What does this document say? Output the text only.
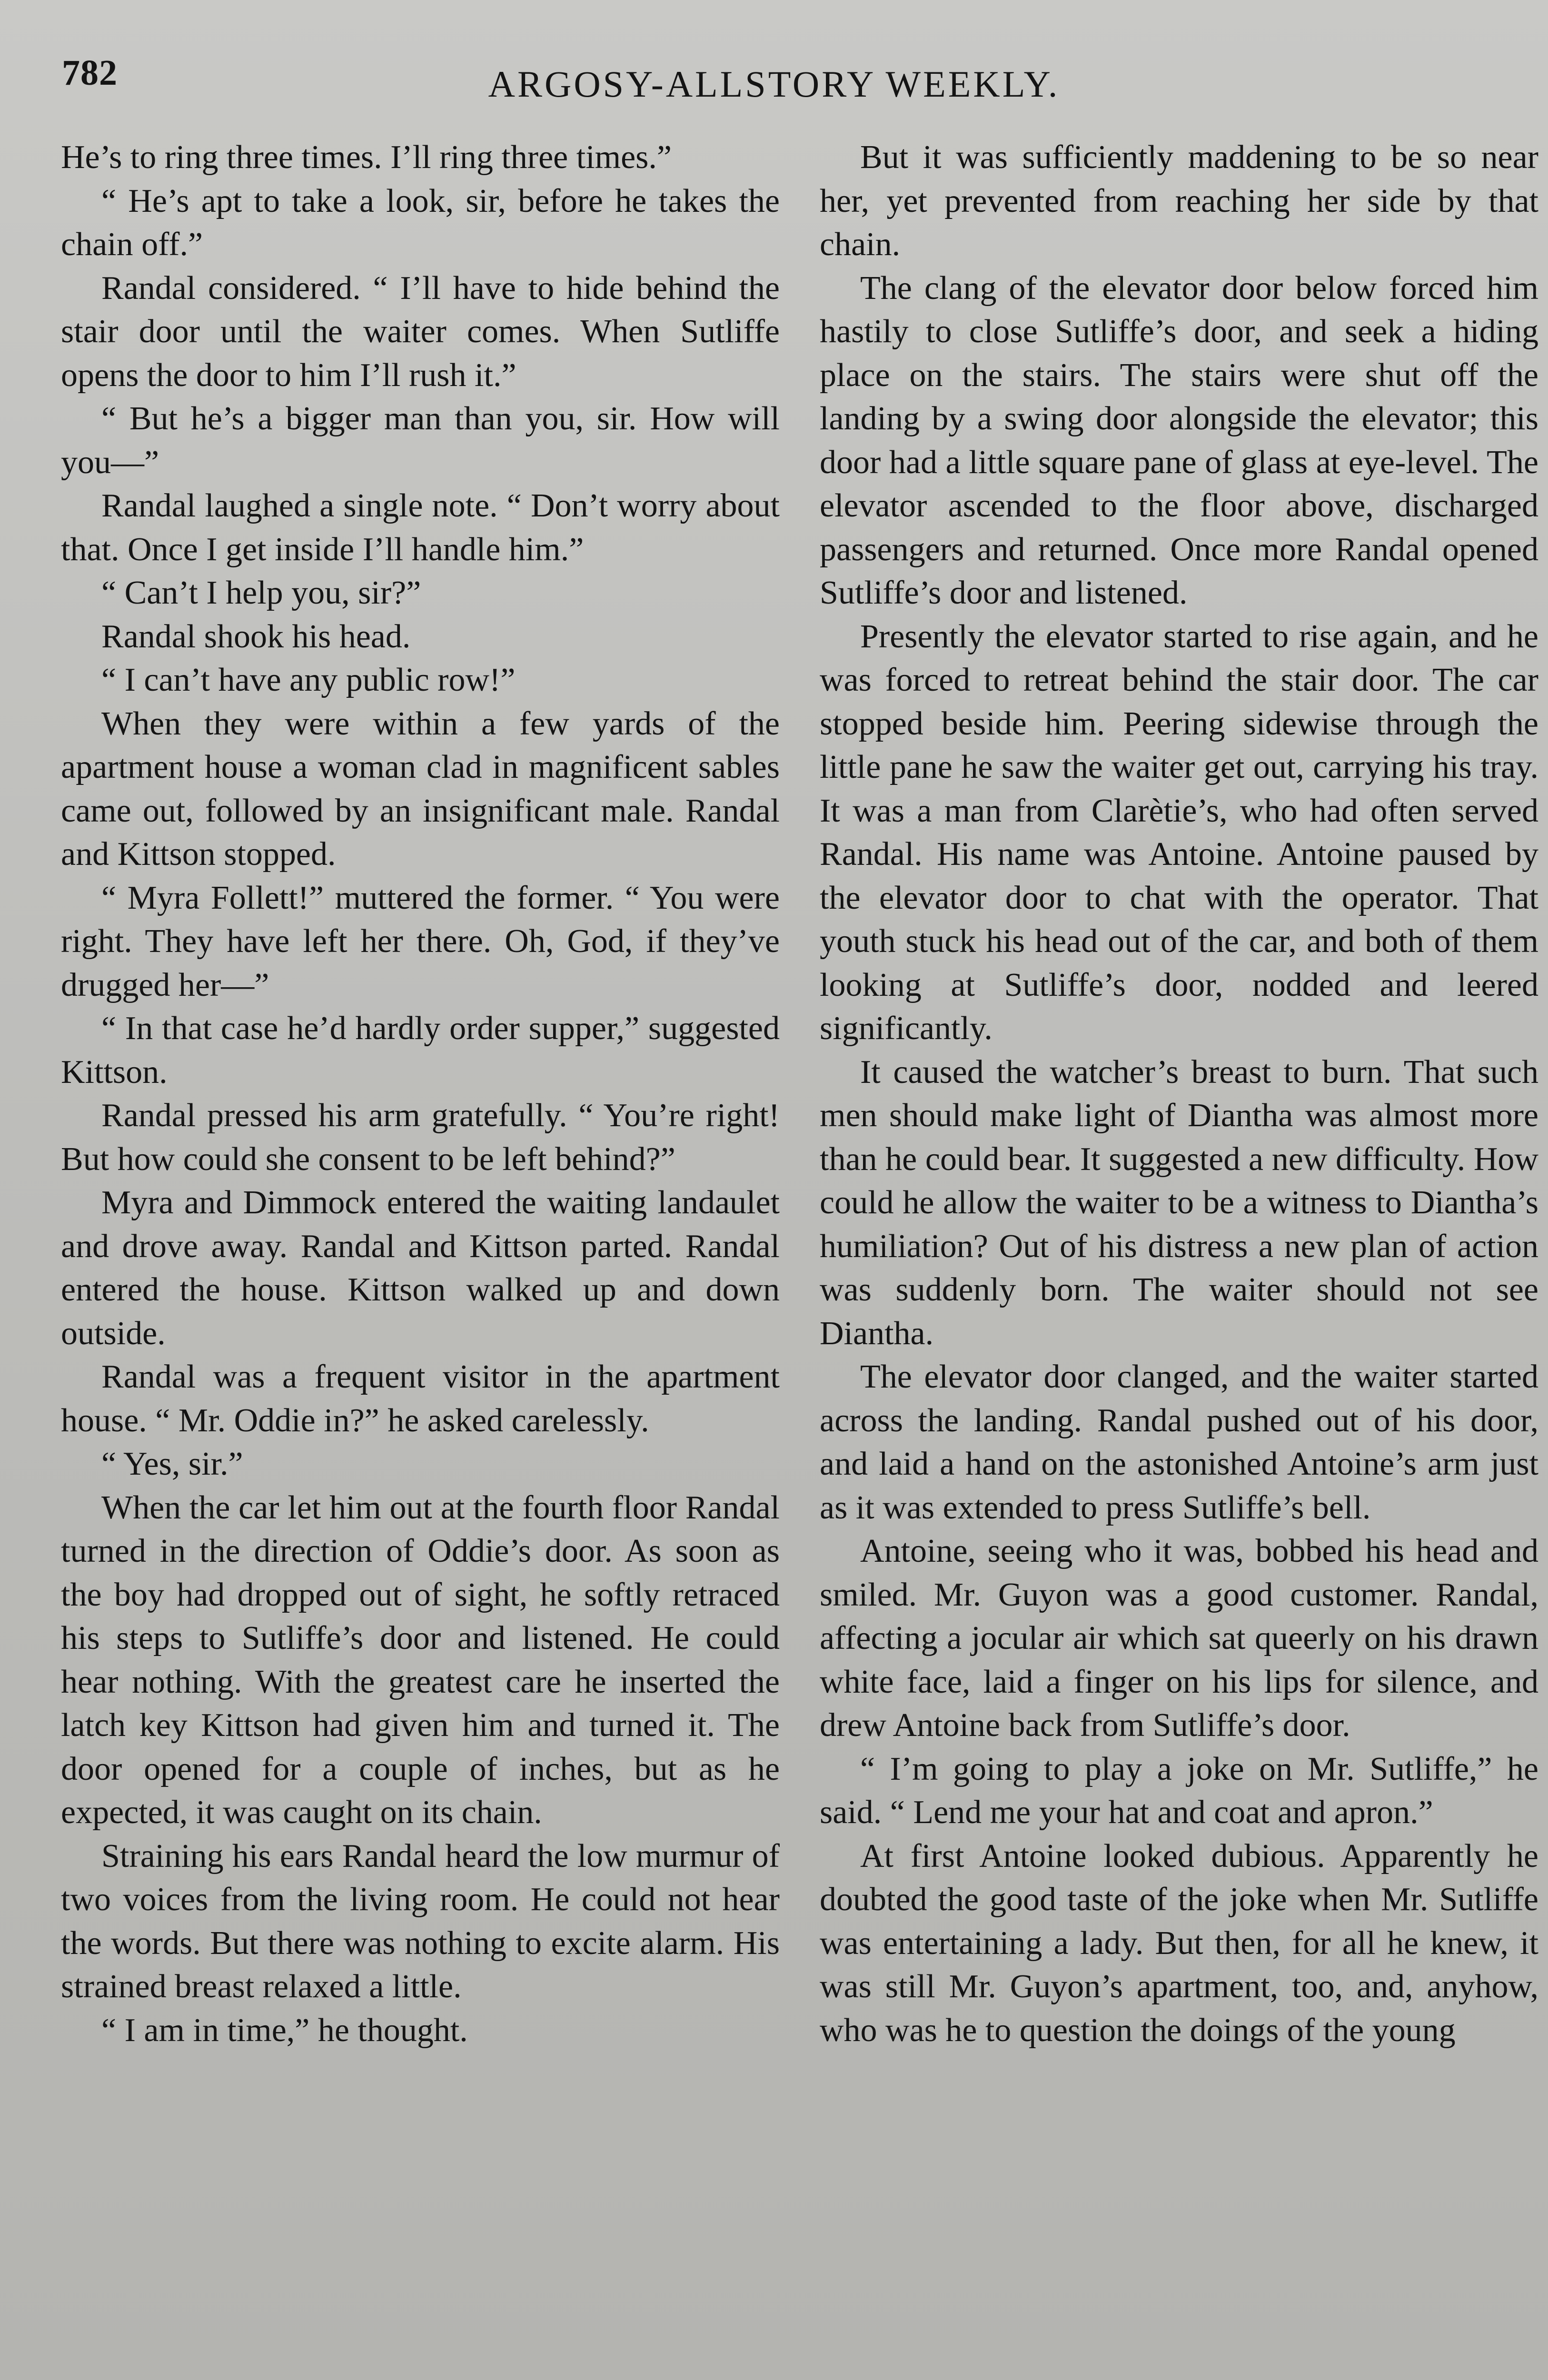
782	ARGOSY-ALLSTORY WEEKLY.

He’s to ring three times. I’ll ring three times.”

“ He’s apt to take a look, sir, before he takes the chain off.”

Randal considered. “ I’ll have to hide behind the stair door until the waiter comes. When Sutliffe opens the door to him I’ll rush it.”

“ But he’s a bigger man than you, sir. How will you—”

Randal laughed a single note. “ Don’t worry about that. Once I get inside I’ll handle him.”

“ Can’t I help you, sir?”

Randal shook his head.

“ I can’t have any public row!”

When they were within a few yards of the apartment house a woman clad in magnificent sables came out, followed by an insignificant male. Randal and Kittson stopped.

“ Myra Follett!” muttered the former. “ You were right. They have left her there. Oh, God, if they’ve drugged her—”

“ In that case he’d hardly order supper,” suggested Kittson.

Randal pressed his arm gratefully. “ You’re right! But how could she consent to be left behind?”

Myra and Dimmock entered the waiting landaulet and drove away. Randal and Kittson parted. Randal entered the house. Kittson walked up and down outside.

Randal was a frequent visitor in the apartment house. “ Mr. Oddie in?” he asked carelessly.

“ Yes, sir.”

When the car let him out at the fourth floor Randal turned in the direction of Oddie’s door. As soon as the boy had dropped out of sight, he softly retraced his steps to Sutliffe’s door and listened. He could hear nothing. With the greatest care he inserted the latch key Kittson had given him and turned it. The door opened for a couple of inches, but as he expected, it was caught on its chain.

Straining his ears Randal heard the low murmur of two voices from the living room. He could not hear the words. But there was nothing to excite alarm. His strained breast relaxed a little.

“ I am in time,” he thought.

But it was sufficiently maddening to be so near her, yet prevented from reaching her side by that chain.

The clang of the elevator door below forced him hastily to close Sutliffe’s door, and seek a hiding place on the stairs. The stairs were shut off the landing by a swing door alongside the elevator; this door had a little square pane of glass at eye-level. The elevator ascended to the floor above, discharged passengers and returned. Once more Randal opened Sutliffe’s door and listened.

Presently the elevator started to rise again, and he was forced to retreat behind the stair door. The car stopped beside him. Peering sidewise through the little pane he saw the waiter get out, carrying his tray. It was a man from Clarètie’s, who had often served Randal. His name was Antoine. Antoine paused by the elevator door to chat with the operator. That youth stuck his head out of the car, and both of them looking at Sutliffe’s door, nodded and leered significantly.

It caused the watcher’s breast to burn. That such men should make light of Diantha was almost more than he could bear. It suggested a new difficulty. How could he allow the waiter to be a witness to Diantha’s humiliation? Out of his distress a new plan of action was suddenly born. The waiter should not see Diantha.

The elevator door clanged, and the waiter started across the landing. Randal pushed out of his door, and laid a hand on the astonished Antoine’s arm just as it was extended to press Sutliffe’s bell.

Antoine, seeing who it was, bobbed his head and smiled. Mr. Guyon was a good customer. Randal, affecting a jocular air which sat queerly on his drawn white face, laid a finger on his lips for silence, and drew Antoine back from Sutliffe’s door.

“ I’m going to play a joke on Mr. Sutliffe,” he said. “ Lend me your hat and coat and apron.”

At first Antoine looked dubious. Apparently he doubted the good taste of the joke when Mr. Sutliffe was entertaining a lady. But then, for all he knew, it was still Mr. Guyon’s apartment, too, and, anyhow, who was he to question the doings of the young
